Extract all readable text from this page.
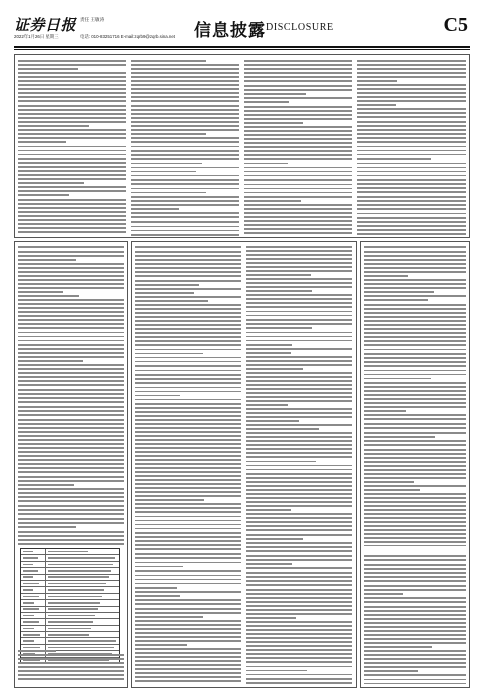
证券日报 责任 王敏涛
2022年1月26日 星期三	电话: 010-83251716 E-mail:zqrb9@zqrb.sina.net 信息披露 DISCLOSURE	C5
